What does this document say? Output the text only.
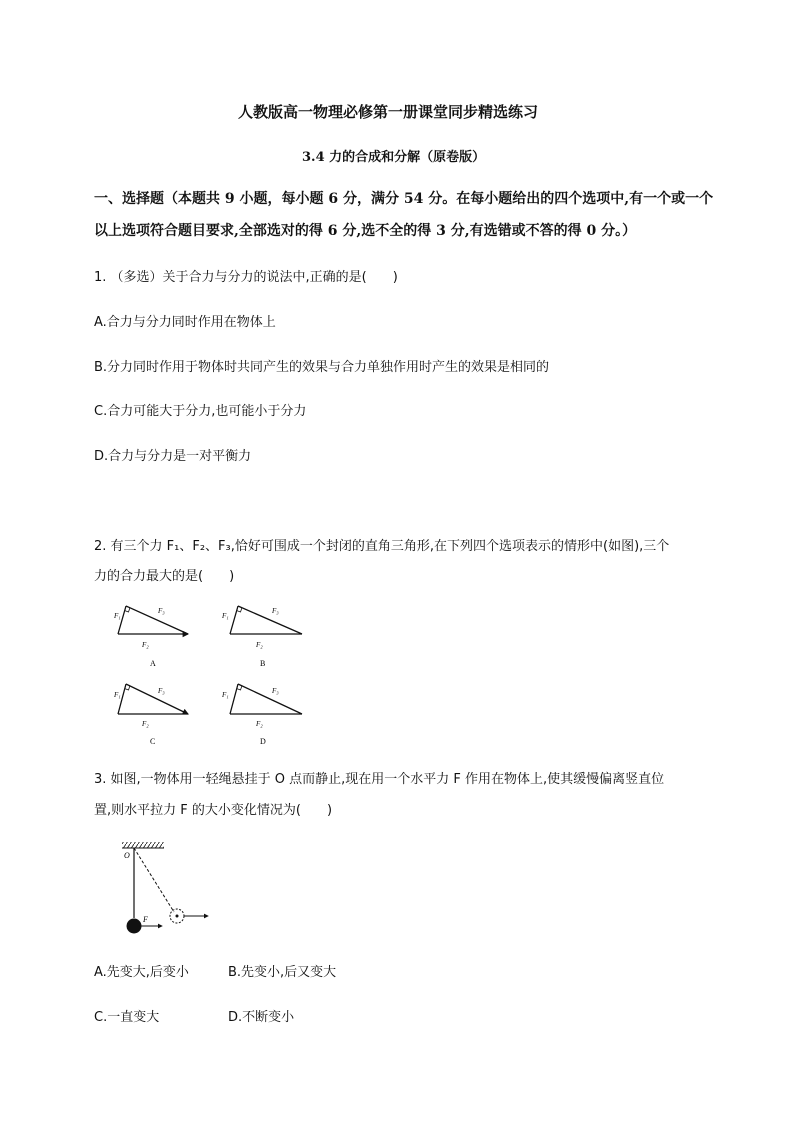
人教版高一物理必修第一册课堂同步精选练习
3.4 力的合成和分解（原卷版）
一、选择题（本题共 9 小题，每小题 6 分，满分 54 分。在每小题给出的四个选项中,有一个或一个
以上选项符合题目要求,全部选对的得 6 分,选不全的得 3 分,有选错或不答的得 0 分。）
1. （多选）关于合力与分力的说法中,正确的是(　　)
A.合力与分力同时作用在物体上
B.分力同时作用于物体时共同产生的效果与合力单独作用时产生的效果是相同的
C.合力可能大于分力,也可能小于分力
D.合力与分力是一对平衡力
2. 有三个力 F₁、F₂、F₃,恰好可围成一个封闭的直角三角形,在下列四个选项表示的情形中(如图),三个
力的合力最大的是(　　)
F₁
F₃
F₂
A
F₁
F₃
F₂
B
F₁	F₃
F₂
C
F₁	F₃
F₂
D
3. 如图,一物体用一轻绳悬挂于 O 点而静止,现在用一个水平力 F 作用在物体上,使其缓慢偏离竖直位
置,则水平拉力 F 的大小变化情况为(　　)
O
F
A.先变大,后变小	B.先变小,后又变大
C.一直变大	D.不断变小
